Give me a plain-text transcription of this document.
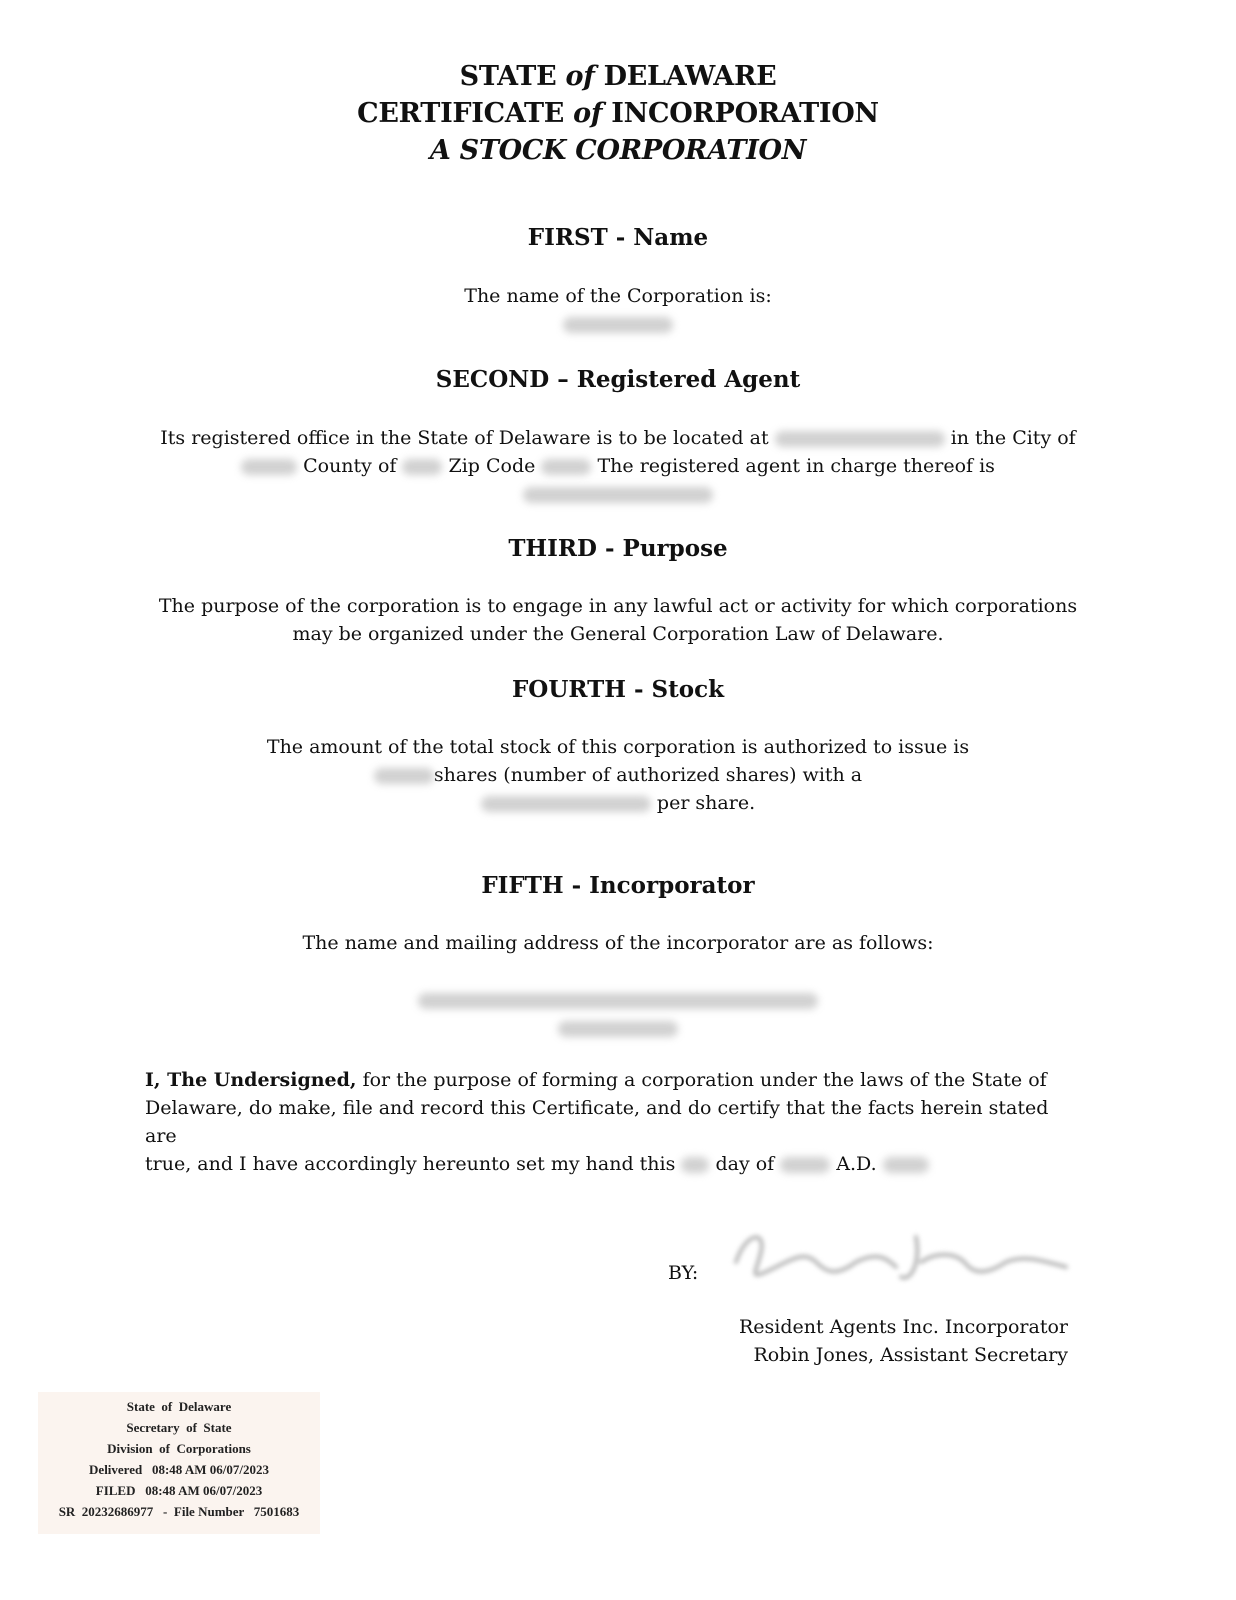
STATE of DELAWARE
CERTIFICATE of INCORPORATION
A STOCK CORPORATION
FIRST - Name
The name of the Corporation is:
SECOND – Registered Agent
Its registered office in the State of Delaware is to be located at	in the City of
County of	Zip Code	The registered agent in charge thereof is
THIRD - Purpose
The purpose of the corporation is to engage in any lawful act or activity for which corporations
may be organized under the General Corporation Law of Delaware.
FOURTH - Stock
The amount of the total stock of this corporation is authorized to issue is
shares (number of authorized shares) with a
per share.
FIFTH - Incorporator
The name and mailing address of the incorporator are as follows:
I, The Undersigned, for the purpose of forming a corporation under the laws of the State of
Delaware, do make, file and record this Certificate, and do certify that the facts herein stated are
true, and I have accordingly hereunto set my hand this day of	A.D.
BY:
Resident Agents Inc. Incorporator
Robin Jones, Assistant Secretary
State  of  Delaware
Secretary  of  State
Division  of  Corporations
Delivered   08:48 AM 06/07/2023
FILED   08:48 AM 06/07/2023
SR  20232686977   -  File Number   7501683
